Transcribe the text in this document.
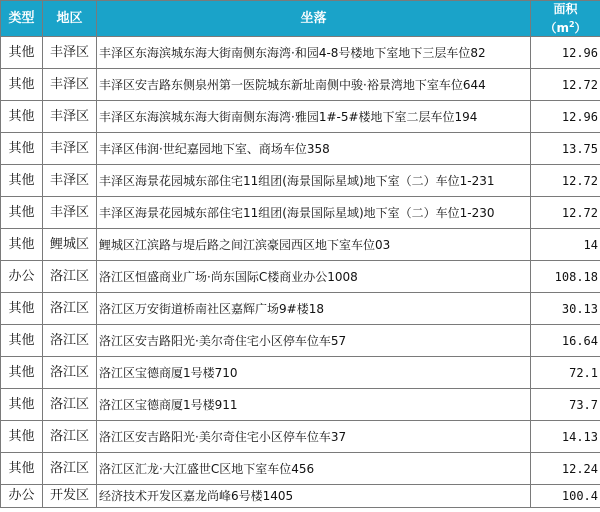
类型	地区	坐落	面积
$(m^2)$
其他	丰泽区	丰泽区东海滨城东海大街南侧东海湾·和园4-8号楼地下室地下三层车位82	12.96
其他	丰泽区	丰泽区安吉路东侧泉州第一医院城东新址南侧中骏·裕景湾地下室车位644	12.72
其他	丰泽区	丰泽区东海滨城东海大街南侧东海湾·雅园1#-5#楼地下室二层车位194	12.96
其他	丰泽区	丰泽区伟润·世纪嘉园地下室、商场车位358	13.75
其他	丰泽区	丰泽区海景花园城东部住宅11组团(海景国际星域)地下室（二）车位1-231	12.72
其他	丰泽区	丰泽区海景花园城东部住宅11组团(海景国际星域)地下室（二）车位1-230	12.72
其他	鲤城区	鲤城区江滨路与堤后路之间江滨豪园西区地下室车位03	14
办公	洛江区	洛江区恒盛商业广场·尚东国际C楼商业办公1008	108.18
其他	洛江区	洛江区万安街道桥南社区嘉辉广场9#楼18	30.13
其他	洛江区	洛江区安吉路阳光·美尔奇住宅小区停车位车57	16.64
其他	洛江区	洛江区宝德商厦1号楼710	72.1
其他	洛江区	洛江区宝德商厦1号楼911	73.7
其他	洛江区	洛江区安吉路阳光·美尔奇住宅小区停车位车37	14.13
其他	洛江区	洛江区汇龙·大江盛世C区地下室车位456	12.24
办公	开发区	经济技术开发区嘉龙尚峰6号楼1405	100.4
